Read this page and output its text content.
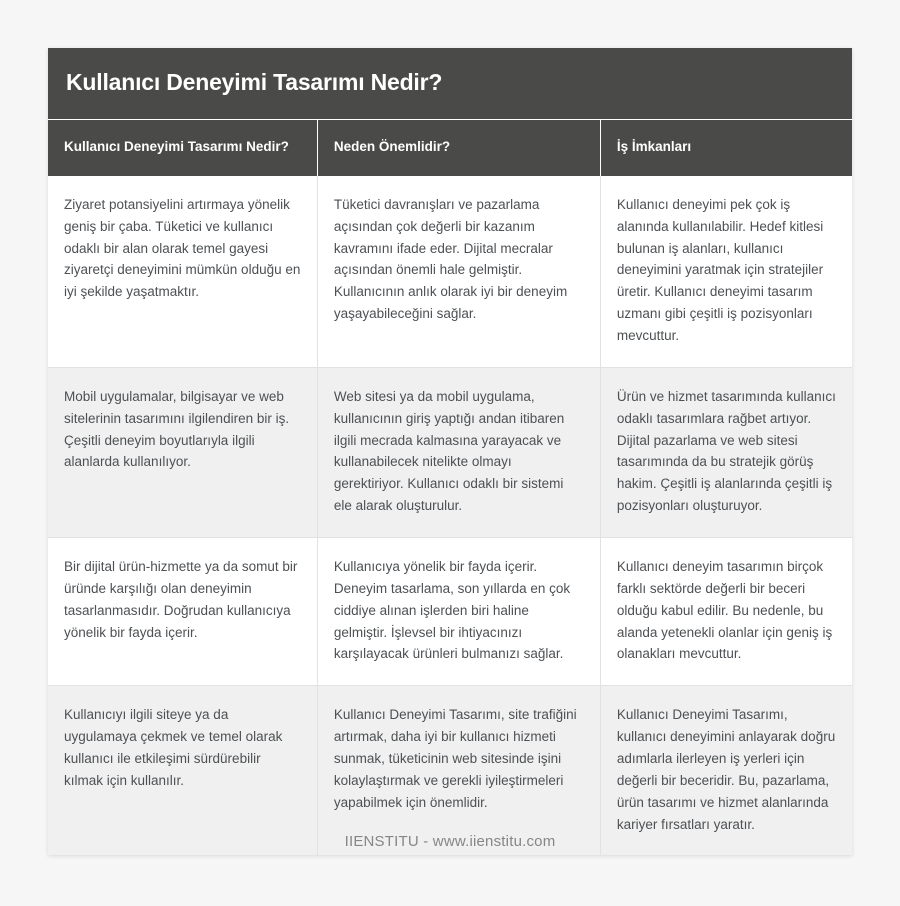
Kullanıcı Deneyimi Tasarımı Nedir?
Kullanıcı Deneyimi Tasarımı Nedir?	Neden Önemlidir?	İş İmkanları
Ziyaret potansiyelini artırmaya yönelik geniş bir çaba. Tüketici ve kullanıcı odaklı bir alan olarak temel gayesi ziyaretçi deneyimini mümkün olduğu en iyi şekilde yaşatmaktır.	Tüketici davranışları ve pazarlama açısından çok değerli bir kazanım kavramını ifade eder. Dijital mecralar açısından önemli hale gelmiştir. Kullanıcının anlık olarak iyi bir deneyim yaşayabileceğini sağlar.	Kullanıcı deneyimi pek çok iş alanında kullanılabilir. Hedef kitlesi bulunan iş alanları, kullanıcı deneyimini yaratmak için stratejiler üretir. Kullanıcı deneyimi tasarım uzmanı gibi çeşitli iş pozisyonları mevcuttur.
Mobil uygulamalar, bilgisayar ve web sitelerinin tasarımını ilgilendiren bir iş. Çeşitli deneyim boyutlarıyla ilgili alanlarda kullanılıyor.	Web sitesi ya da mobil uygulama, kullanıcının giriş yaptığı andan itibaren ilgili mecrada kalmasına yarayacak ve kullanabilecek nitelikte olmayı gerektiriyor. Kullanıcı odaklı bir sistemi ele alarak oluşturulur.	Ürün ve hizmet tasarımında kullanıcı odaklı tasarımlara rağbet artıyor. Dijital pazarlama ve web sitesi tasarımında da bu stratejik görüş hakim. Çeşitli iş alanlarında çeşitli iş pozisyonları oluşturuyor.
Bir dijital ürün-hizmette ya da somut bir üründe karşılığı olan deneyimin tasarlanmasıdır. Doğrudan kullanıcıya yönelik bir fayda içerir.	Kullanıcıya yönelik bir fayda içerir. Deneyim tasarlama, son yıllarda en çok ciddiye alınan işlerden biri haline gelmiştir. İşlevsel bir ihtiyacınızı karşılayacak ürünleri bulmanızı sağlar.	Kullanıcı deneyim tasarımın birçok farklı sektörde değerli bir beceri olduğu kabul edilir. Bu nedenle, bu alanda yetenekli olanlar için geniş iş olanakları mevcuttur.
Kullanıcıyı ilgili siteye ya da uygulamaya çekmek ve temel olarak kullanıcı ile etkileşimi sürdürebilir kılmak için kullanılır.	Kullanıcı Deneyimi Tasarımı, site trafiğini artırmak, daha iyi bir kullanıcı hizmeti sunmak, tüketicinin web sitesinde işini kolaylaştırmak ve gerekli iyileştirmeleri yapabilmek için önemlidir.	Kullanıcı Deneyimi Tasarımı, kullanıcı deneyimini anlayarak doğru adımlarla ilerleyen iş yerleri için değerli bir beceridir. Bu, pazarlama, ürün tasarımı ve hizmet alanlarında kariyer fırsatları yaratır.
IIENSTITU - www.iienstitu.com
